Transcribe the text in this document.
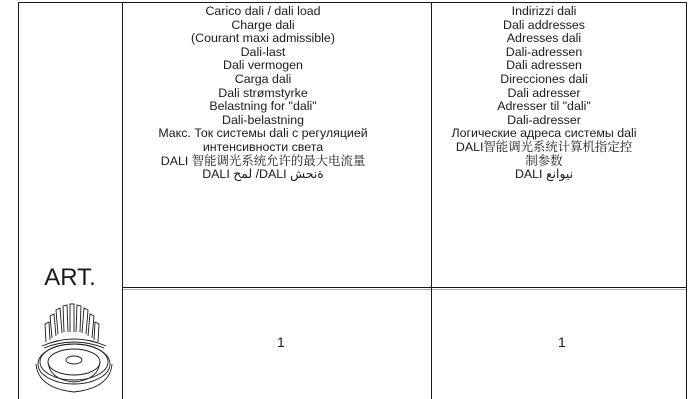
ART.
Carico dali / dali load
Charge dali
(Courant maxi admissible)
Dali-last
Dali vermogen
Carga dali
Dali strømstyrke
Belastning for "dali"
Dali-belastning
Макс. Ток системы dali с регуляцией
интенсивности света
DALI 智能调光系统允许的最大电流量
DALI لمح /DALI ةنحش
Indirizzi dali
Dali addresses
Adresses dali
Dali-adressen
Dali adressen
Direcciones dali
Dali adresser
Adresser til "dali"
Dali-adresser
Логические адреса системы dali
DALI智能调光系统计算机指定控
制参数
DALI نيوانع
1	1
